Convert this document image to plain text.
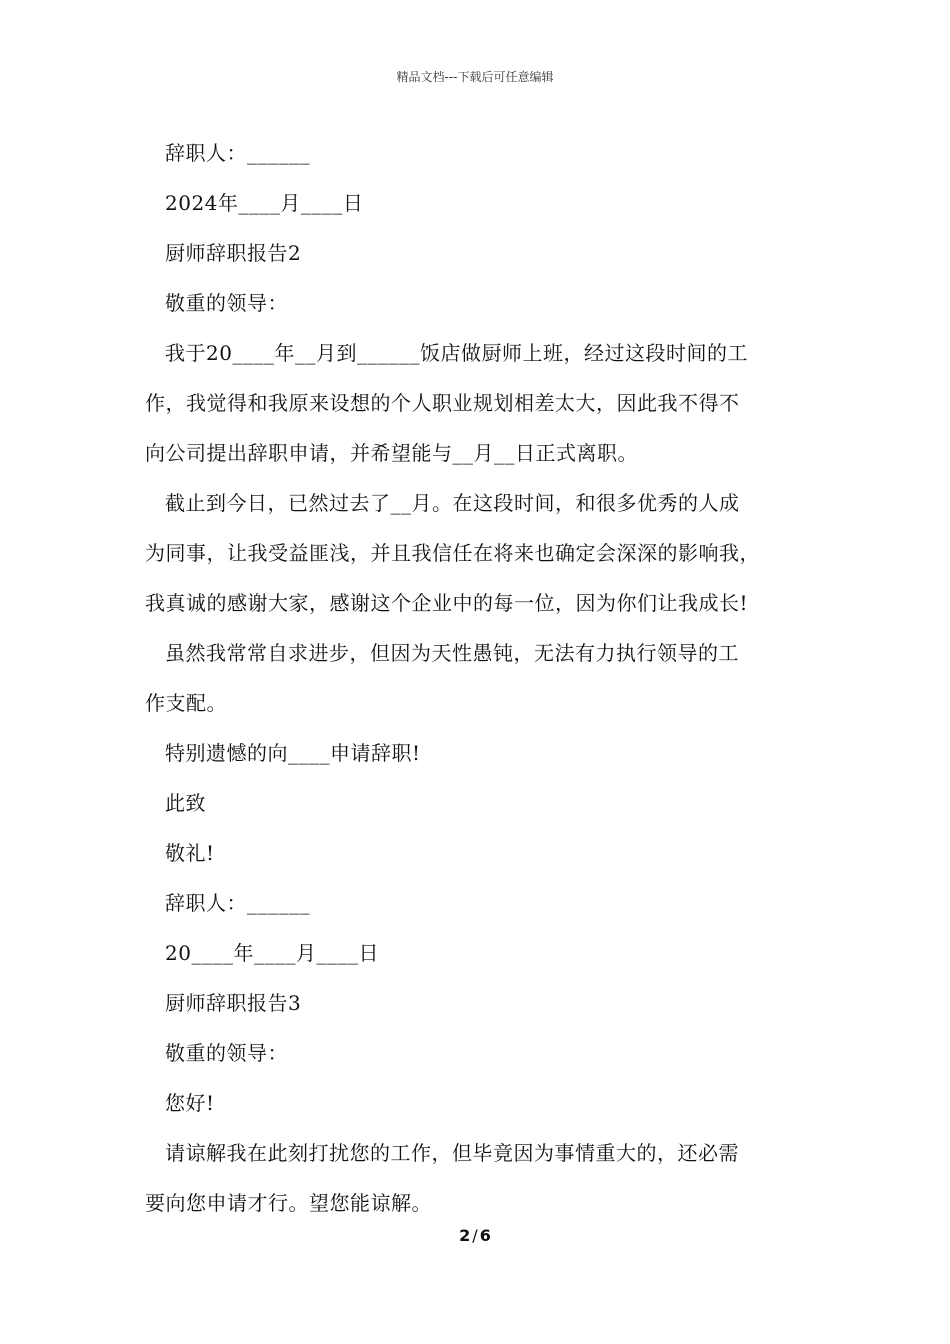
精品文档---下载后可任意编辑
辞职人：______
2024年____月____日
厨师辞职报告2
敬重的领导：
我于20____年__月到______饭店做厨师上班，经过这段时间的工
作，我觉得和我原来设想的个人职业规划相差太大，因此我不得不
向公司提出辞职申请，并希望能与__月__日正式离职。
截止到今日，已然过去了__月。在这段时间，和很多优秀的人成
为同事，让我受益匪浅，并且我信任在将来也确定会深深的影响我，
我真诚的感谢大家，感谢这个企业中的每一位，因为你们让我成长!
虽然我常常自求进步，但因为天性愚钝，无法有力执行领导的工
作支配。
特别遗憾的向____申请辞职!
此致
敬礼!
辞职人：______
20____年____月____日
厨师辞职报告3
敬重的领导：
您好!
请谅解我在此刻打扰您的工作，但毕竟因为事情重大的，还必需
要向您申请才行。望您能谅解。
2 / 6
